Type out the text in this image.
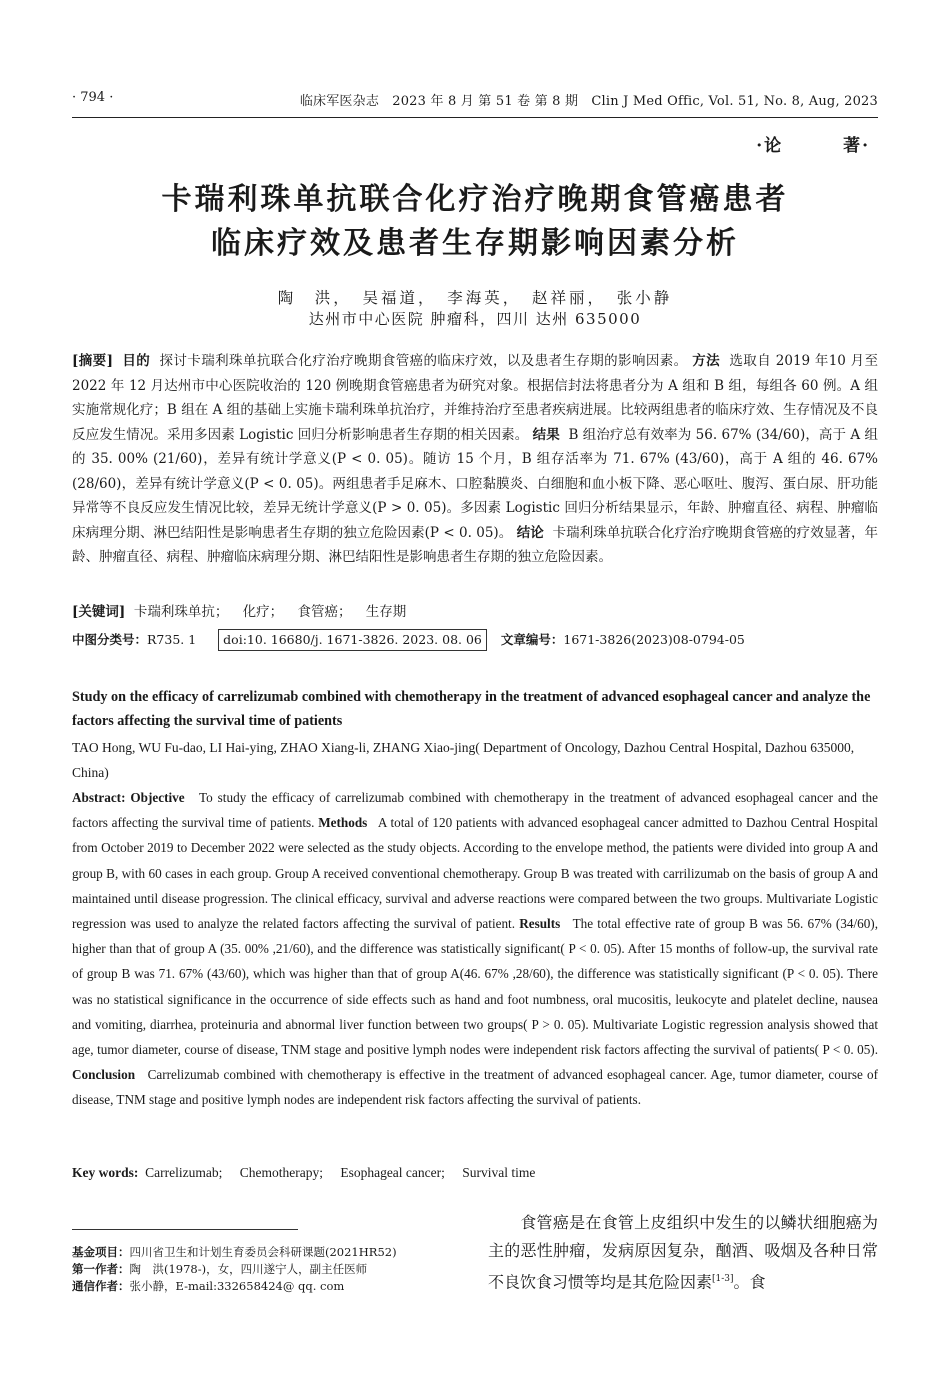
· 794 ·	临床军医杂志　2023 年 8 月 第 51 卷 第 8 期　Clin J Med Offic, Vol. 51, No. 8, Aug, 2023
·论	著·
卡瑞利珠单抗联合化疗治疗晚期食管癌患者
临床疗效及患者生存期影响因素分析
陶　洪，　吴福道，　李海英，　赵祥丽，　张小静
达州市中心医院 肿瘤科，四川 达州 635000
[摘要] 目的 探讨卡瑞利珠单抗联合化疗治疗晚期食管癌的临床疗效，以及患者生存期的影响因素。 方法 选取自 2019 年10 月至 2022 年 12 月达州市中心医院收治的 120 例晚期食管癌患者为研究对象。根据信封法将患者分为 A 组和 B 组，每组各 60 例。A 组实施常规化疗；B 组在 A 组的基础上实施卡瑞利珠单抗治疗，并维持治疗至患者疾病进展。比较两组患者的临床疗效、生存情况及不良反应发生情况。采用多因素 Logistic 回归分析影响患者生存期的相关因素。 结果 B 组治疗总有效率为 56. 67% (34/60)，高于 A 组的 35. 00% (21/60)，差异有统计学意义(P < 0. 05)。随访 15 个月，B 组存活率为 71. 67% (43/60)，高于 A 组的 46. 67% (28/60)，差异有统计学意义(P < 0. 05)。两组患者手足麻木、口腔黏膜炎、白细胞和血小板下降、恶心呕吐、腹泻、蛋白尿、肝功能异常等不良反应发生情况比较，差异无统计学意义(P > 0. 05)。多因素 Logistic 回归分析结果显示，年龄、肿瘤直径、病程、肿瘤临床病理分期、淋巴结阳性是影响患者生存期的独立危险因素(P < 0. 05)。 结论 卡瑞利珠单抗联合化疗治疗晚期食管癌的疗效显著，年龄、肿瘤直径、病程、肿瘤临床病理分期、淋巴结阳性是影响患者生存期的独立危险因素。
[关键词] 卡瑞利珠单抗； 化疗； 食管癌； 生存期
中图分类号：R735. 1 doi:10. 16680/j. 1671-3826. 2023. 08. 06 文章编号：1671-3826(2023)08-0794-05
Study on the efficacy of carrelizumab combined with chemotherapy in the treatment of advanced esophageal cancer and analyze the factors affecting the survival time of patients
TAO Hong, WU Fu-dao, LI Hai-ying, ZHAO Xiang-li, ZHANG Xiao-jing( Department of Oncology, Dazhou Central Hospital, Dazhou 635000, China)
Abstract: Objective To study the efficacy of carrelizumab combined with chemotherapy in the treatment of advanced esophageal cancer and the factors affecting the survival time of patients. Methods A total of 120 patients with advanced esophageal cancer admitted to Dazhou Central Hospital from October 2019 to December 2022 were selected as the study objects. According to the envelope method, the patients were divided into group A and group B, with 60 cases in each group. Group A received conventional chemotherapy. Group B was treated with carrilizumab on the basis of group A and maintained until disease progression. The clinical efficacy, survival and adverse reactions were compared between the two groups. Multivariate Logistic regression was used to analyze the related factors affecting the survival of patient. Results The total effective rate of group B was 56. 67% (34/60), higher than that of group A (35. 00% ,21/60), and the difference was statistically significant( P < 0. 05). After 15 months of follow-up, the survival rate of group B was 71. 67% (43/60), which was higher than that of group A(46. 67% ,28/60), the difference was statistically significant (P < 0. 05). There was no statistical significance in the occurrence of side effects such as hand and foot numbness, oral mucositis, leukocyte and platelet decline, nausea and vomiting, diarrhea, proteinuria and abnormal liver function between two groups( P > 0. 05). Multivariate Logistic regression analysis showed that age, tumor diameter, course of disease, TNM stage and positive lymph nodes were independent risk factors affecting the survival of patients( P < 0. 05). Conclusion Carrelizumab combined with chemotherapy is effective in the treatment of advanced esophageal cancer. Age, tumor diameter, course of disease, TNM stage and positive lymph nodes are independent risk factors affecting the survival of patients.
Key words: Carrelizumab; Chemotherapy; Esophageal cancer; Survival time
基金项目：四川省卫生和计划生育委员会科研课题(2021HR52)
第一作者：陶　洪(1978-)，女，四川遂宁人，副主任医师
通信作者：张小静，E-mail:332658424@ qq. com
食管癌是在食管上皮组织中发生的以鳞状细胞癌为主的恶性肿瘤，发病原因复杂，酗酒、吸烟及各种日常不良饮食习惯等均是其危险因素[1-3]。食
